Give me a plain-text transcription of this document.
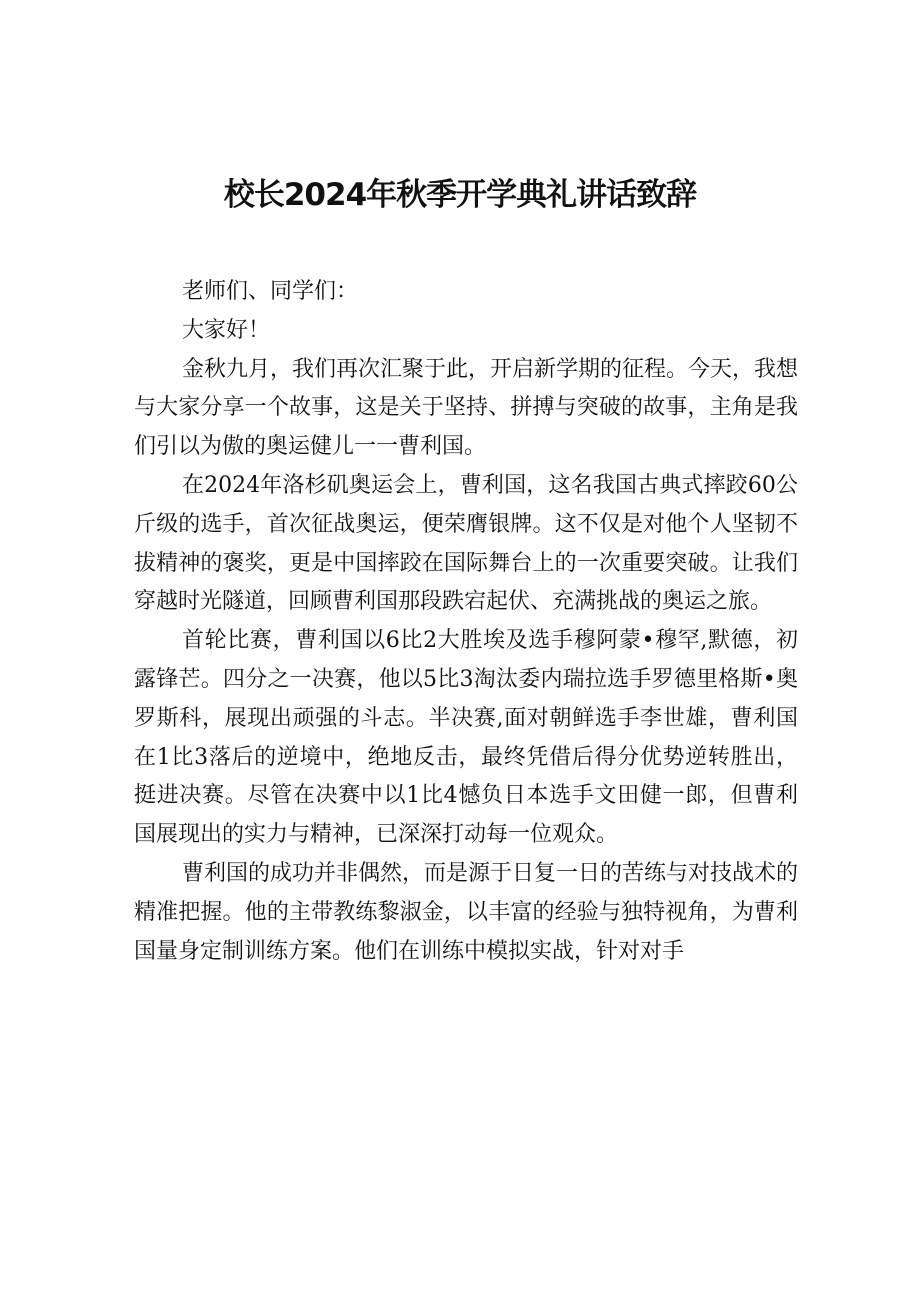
校长2024年秋季开学典礼讲话致辞

老师们、同学们：

大家好！

金秋九月，我们再次汇聚于此，开启新学期的征程。今天，我想与大家分享一个故事，这是关于坚持、拼搏与突破的故事，主角是我们引以为傲的奥运健儿一一曹利国。

在2024年洛杉矶奥运会上，曹利国，这名我国古典式摔跤60公斤级的选手，首次征战奥运，便荣膺银牌。这不仅是对他个人坚韧不拔精神的褒奖，更是中国摔跤在国际舞台上的一次重要突破。让我们穿越时光隧道，回顾曹利国那段跌宕起伏、充满挑战的奥运之旅。

首轮比赛，曹利国以6比2大胜埃及选手穆阿蒙•穆罕,默德，初露锋芒。四分之一决赛，他以5比3淘汰委内瑞拉选手罗德里格斯•奥罗斯科，展现出顽强的斗志。半决赛,面对朝鲜选手李世雄，曹利国在1比3落后的逆境中，绝地反击，最终凭借后得分优势逆转胜出，挺进决赛。尽管在决赛中以1比4憾负日本选手文田健一郎，但曹利国展现出的实力与精神，已深深打动每一位观众。

曹利国的成功并非偶然，而是源于日复一日的苦练与对技战术的精准把握。他的主带教练黎淑金，以丰富的经验与独特视角，为曹利国量身定制训练方案。他们在训练中模拟实战，针对对手
